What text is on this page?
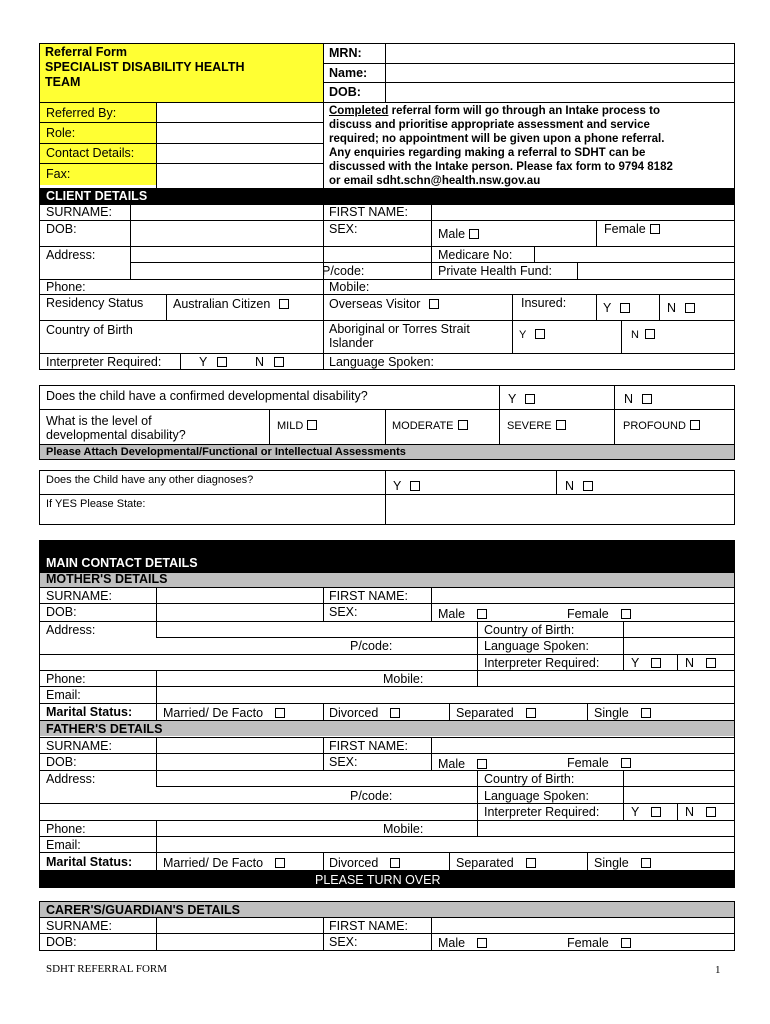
Referral Form
SPECIALIST DISABILITY HEALTH
TEAM
MRN:
Name:
DOB:
Referred By:
Role:
Contact Details:
Fax:
Completed referral form will go through an Intake process to
discuss and prioritise appropriate assessment and service
required; no appointment will be given upon a phone referral.
Any enquiries regarding making a referral to SDHT can be
discussed with the Intake person. Please fax form to 9794 8182
or email sdht.schn@health.nsw.gov.au
CLIENT DETAILS
SURNAME:	FIRST NAME:
DOB:	SEX:	Male	Female
Address:	Medicare No:
P/code:	Private Health Fund:
Phone:	Mobile:
Residency Status Australian Citizen	Overseas Visitor	Insured:	Y	N
Country of Birth	Aboriginal or Torres Strait
Islander
Y	N
Interpreter Required:	Y	N	Language Spoken:
Does the child have a confirmed developmental disability?	Y	N
What is the level of
developmental disability?
MILD	MODERATE	SEVERE	PROFOUND
Please Attach Developmental/Functional or Intellectual Assessments
Does the Child have any other diagnoses?	Y	N
If YES Please State:
MAIN CONTACT DETAILS
MOTHER'S DETAILS
SURNAME:	FIRST NAME:
DOB:	SEX:	Male	Female
Address:	Country of Birth:
P/code:	Language Spoken:
Interpreter Required:	Y	N
Phone:	Mobile:
Email:
Marital Status: Married/ De Facto	Divorced	Separated	Single
FATHER'S DETAILS
SURNAME:	FIRST NAME:
DOB:	SEX:	Male	Female
Address:	Country of Birth:
P/code:	Language Spoken:
Interpreter Required:	Y	N
Phone:	Mobile:
Email:
Marital Status: Married/ De Facto	Divorced	Separated	Single
PLEASE TURN OVER
CARER'S/GUARDIAN'S DETAILS
SURNAME:	FIRST NAME:
DOB:	SEX:	Male	Female
SDHT REFERRAL FORM	1
